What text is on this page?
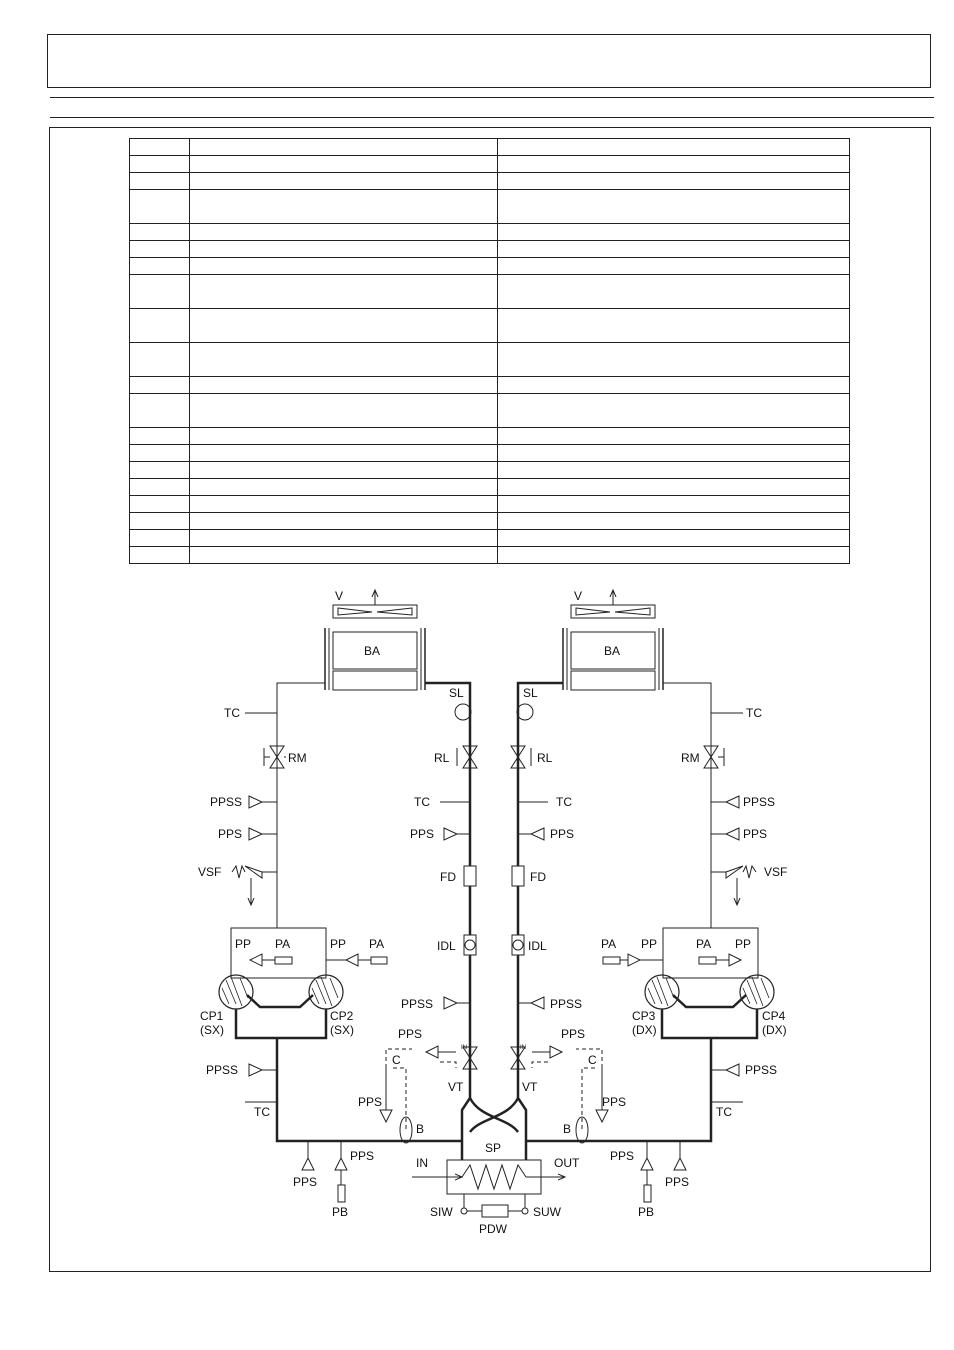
V
BA
TC
RM
PPSS
PPS
VSF
PP PA	PP PA
CP1
(SX)
CP2
(SX)
PPSS
TC
PPS
PPS
PB
SL
RL
TC
PPS
FD
IDL
PPSS
PPS
C
IN
VT
PPS
B
V
BA
TC
RM
PPSS
PPS
VSF
PA PP	PA PP
CP3
(DX)
CP4
(DX)
PPSS
TC
PPS
PPS
PB
SL
RL
TC
PPS
FD
IDL
PPSS
PPS
C
IN
VT
PPS
B
SP
IN	OUT
SIW	SUW
PDW
